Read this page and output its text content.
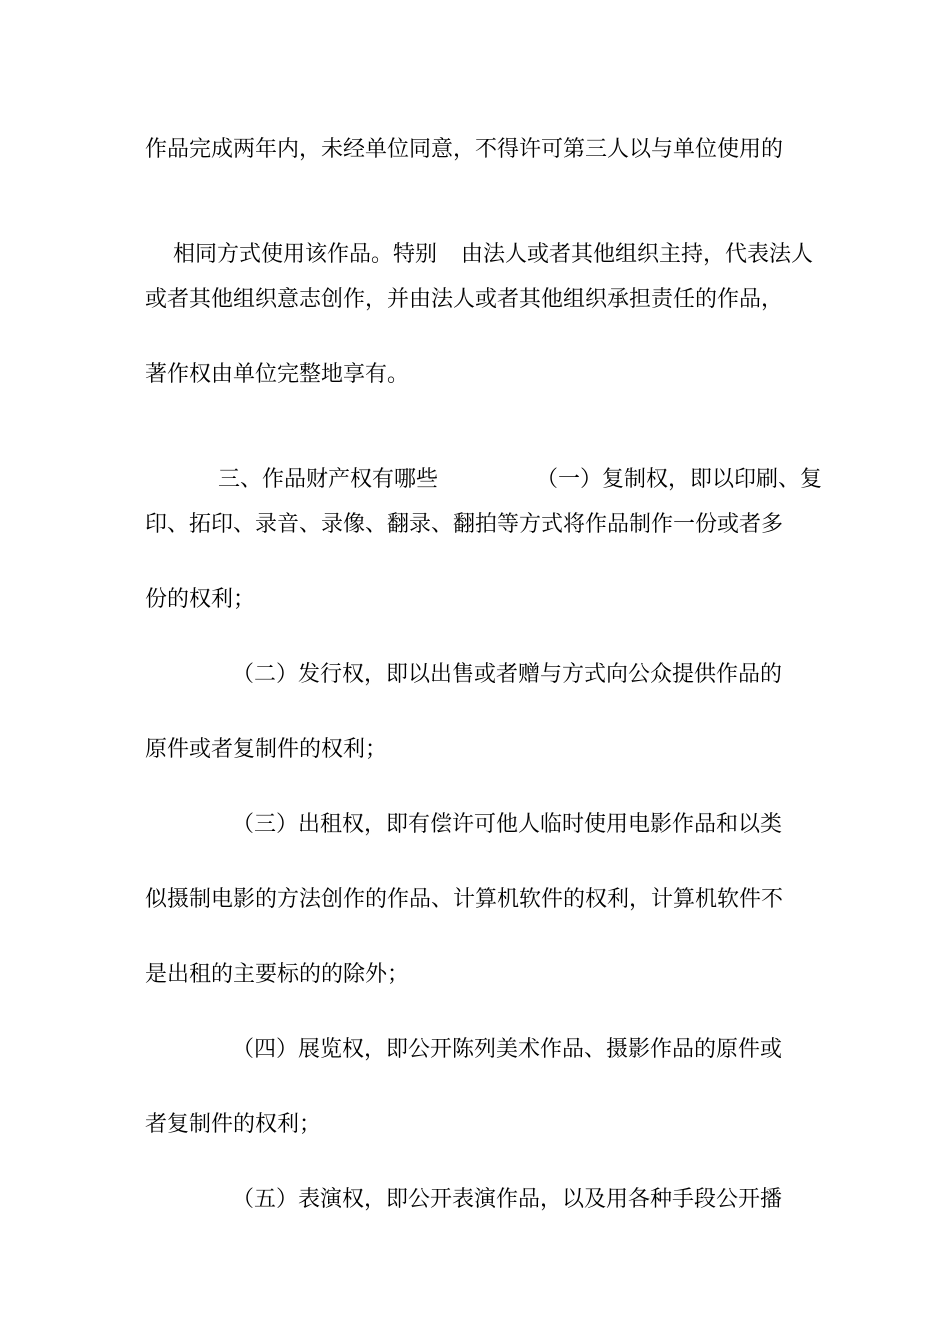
作品完成两年内，未经单位同意，不得许可第三人以与单位使用的

相同方式使用该作品。特别 由法人或者其他组织主持，代表法人

或者其他组织意志创作，并由法人或者其他组织承担责任的作品，
著作权由单位完整地享有。

三、作品财产权有哪些	（一）复制权，即以印刷、复

印、拓印、录音、录像、翻录、翻拍等方式将作品制作一份或者多
份的权利；
（二）发行权，即以出售或者赠与方式向公众提供作品的
原件或者复制件的权利；
（三）出租权，即有偿许可他人临时使用电影作品和以类
似摄制电影的方法创作的作品、计算机软件的权利，计算机软件不
是出租的主要标的的除外；
（四）展览权，即公开陈列美术作品、摄影作品的原件或
者复制件的权利；
（五）表演权，即公开表演作品，以及用各种手段公开播
